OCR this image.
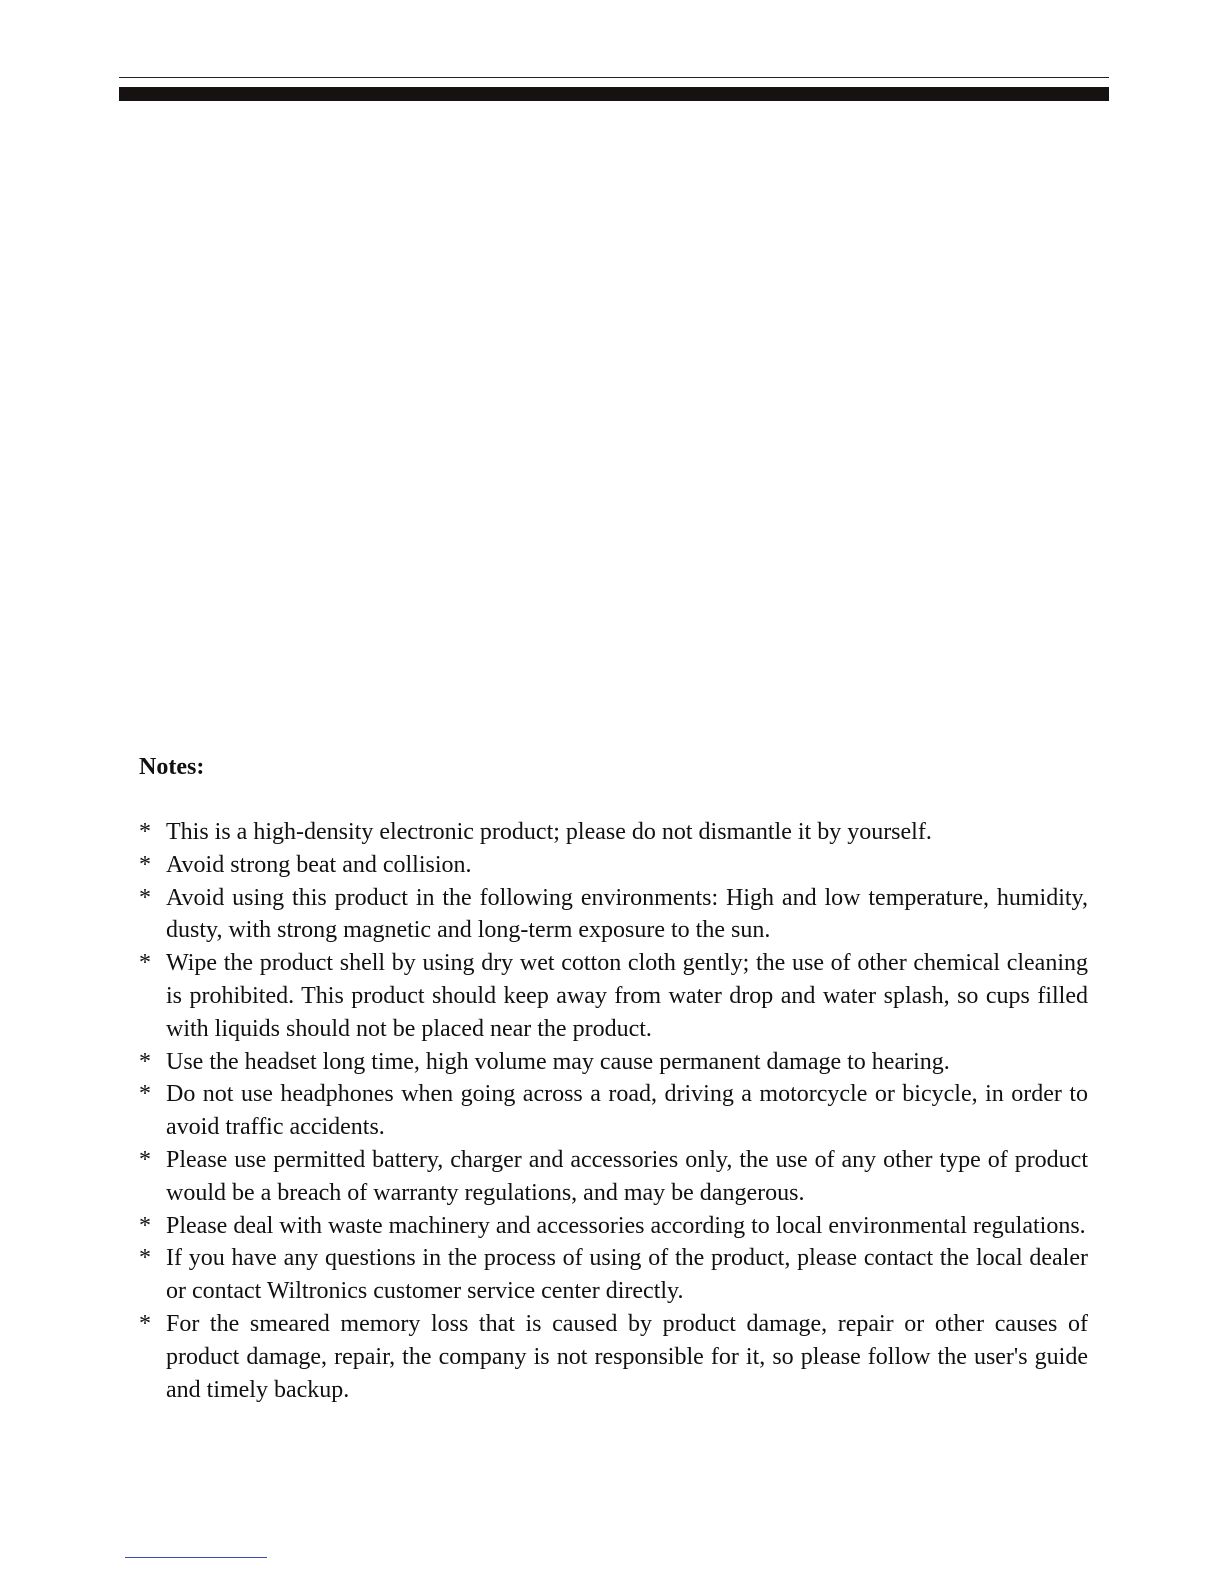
Notes:
* This is a high-density electronic product; please do not dismantle it by yourself.
* Avoid strong beat and collision.
* Avoid using this product in the following environments: High and low temperature, humidity, dusty, with strong magnetic and long-term exposure to the sun.
* Wipe the product shell by using dry wet cotton cloth gently; the use of other chemical cleaning is prohibited. This product should keep away from water drop and water splash, so cups filled with liquids should not be placed near the product.
* Use the headset long time, high volume may cause permanent damage to hearing.
* Do not use headphones when going across a road, driving a motorcycle or bicycle, in order to avoid traffic accidents.
* Please use permitted battery, charger and accessories only, the use of any other type of product would be a breach of warranty regulations, and may be dangerous.
* Please deal with waste machinery and accessories according to local environmental regulations.
* If you have any questions in the process of using of the product, please contact the local dealer or contact Wiltronics customer service center directly.
* For the smeared memory loss that is caused by product damage, repair or other causes of product damage, repair, the company is not responsible for it, so please follow the user's guide and timely backup.
